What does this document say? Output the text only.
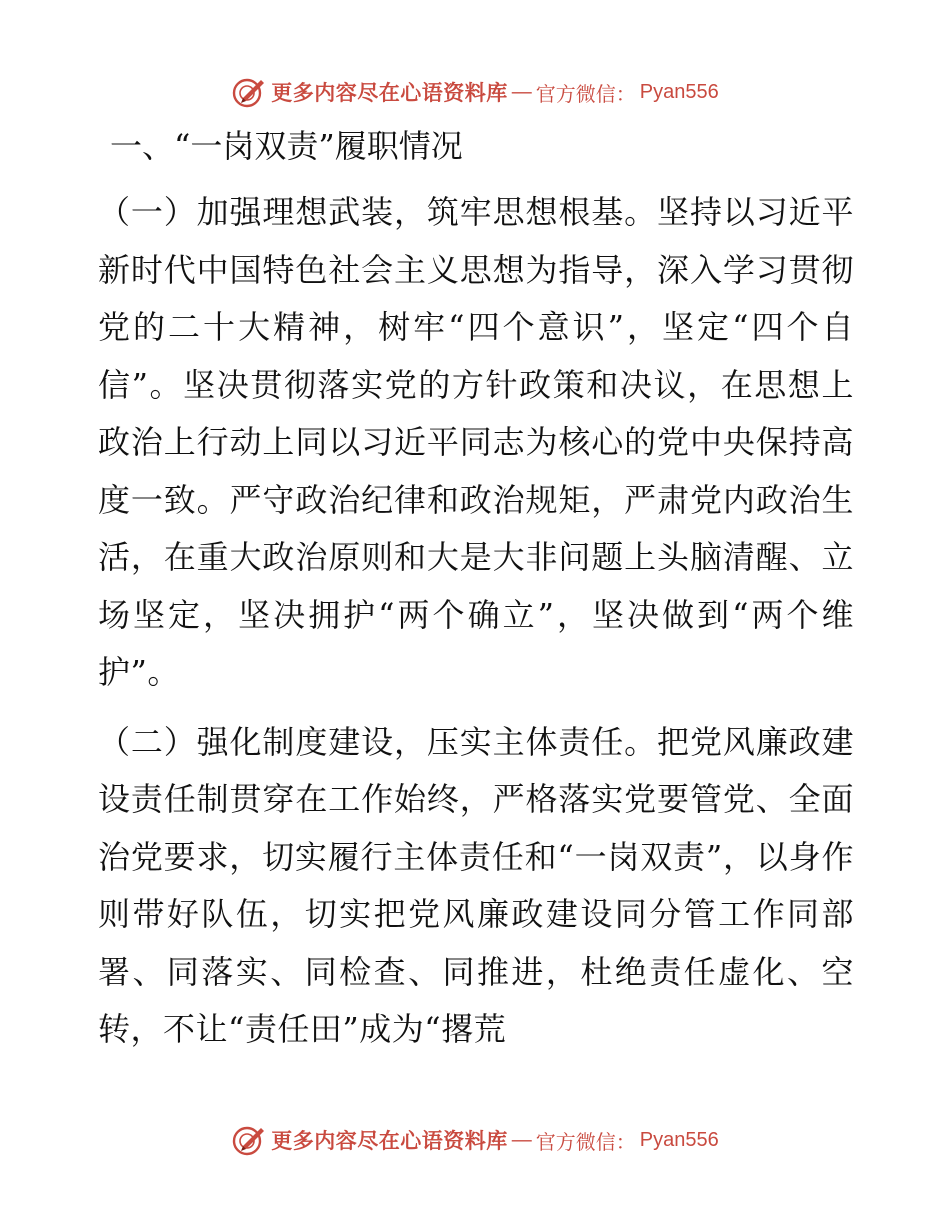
更多内容尽在心语资料库 — 官方微信： Pyan556
一、“一岗双责”履职情况

（一）加强理想武装，筑牢思想根基。坚持以习近平新时代中国特色社会主义思想为指导，深入学习贯彻党的二十大精神，树牢“四个意识”，坚定“四个自信”。坚决贯彻落实党的方针政策和决议，在思想上政治上行动上同以习近平同志为核心的党中央保持高度一致。严守政治纪律和政治规矩，严肃党内政治生活，在重大政治原则和大是大非问题上头脑清醒、立场坚定，坚决拥护“两个确立”，坚决做到“两个维护”。

（二）强化制度建设，压实主体责任。把党风廉政建设责任制贯穿在工作始终，严格落实党要管党、全面治党要求，切实履行主体责任和“一岗双责”，以身作则带好队伍，切实把党风廉政建设同分管工作同部署、同落实、同检查、同推进，杜绝责任虚化、空转，不让“责任田”成为“撂荒

更多内容尽在心语资料库 — 官方微信： Pyan556
